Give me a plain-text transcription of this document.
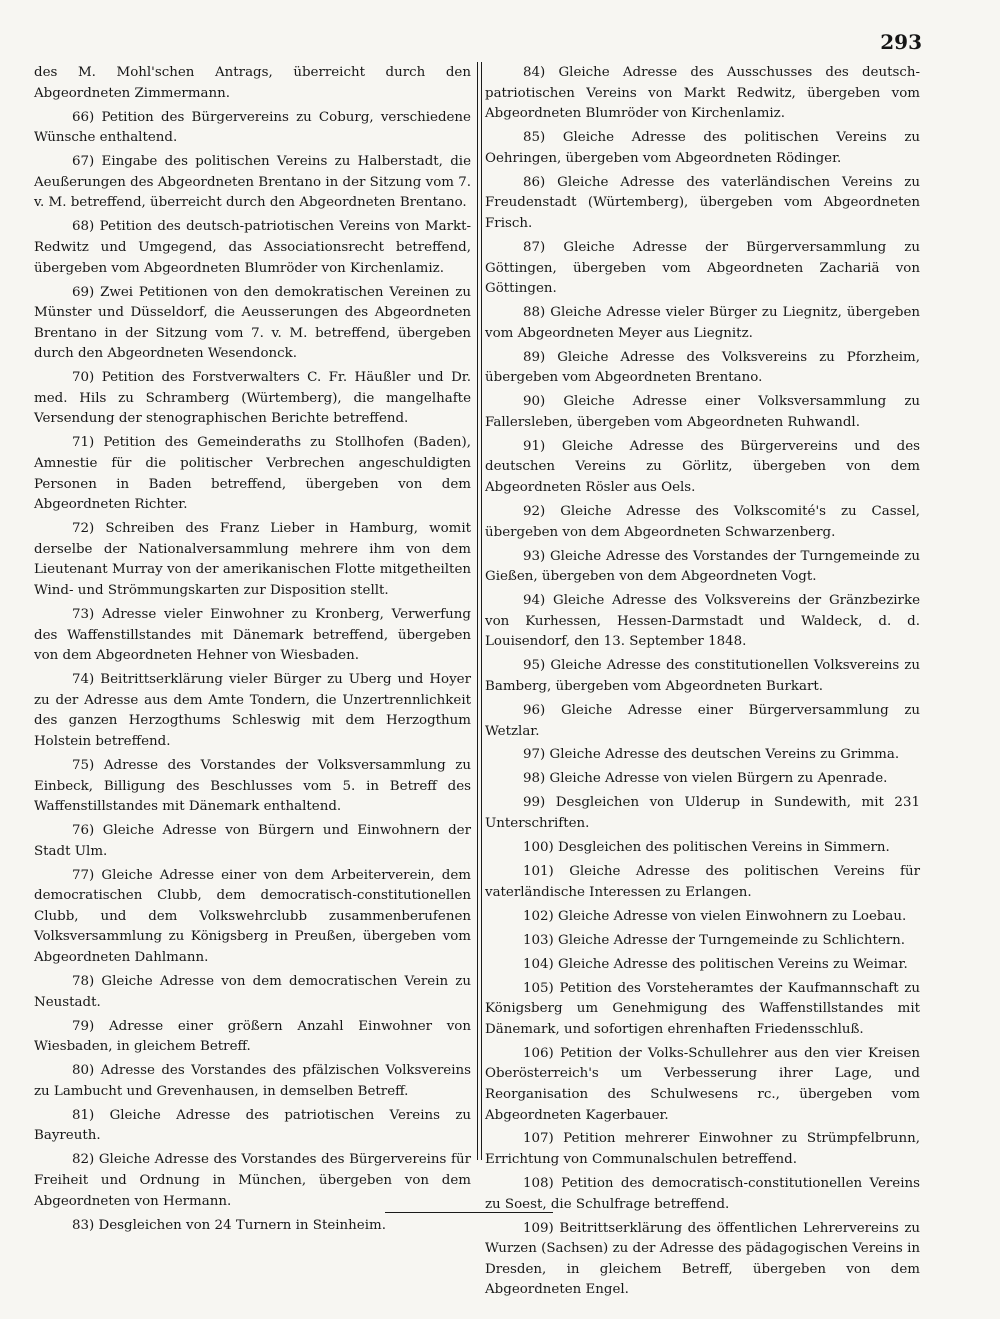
293

des M. Mohl'schen Antrags, überreicht durch den Abgeordneten Zimmermann.

66) Petition des Bürgervereins zu Coburg, verschiedene Wünsche enthaltend.

67) Eingabe des politischen Vereins zu Halberstadt, die Aeußerungen des Abgeordneten Brentano in der Sitzung vom 7. v. M. betreffend, überreicht durch den Abgeordneten Brentano.

68) Petition des deutsch-patriotischen Vereins von Markt-Redwitz und Umgegend, das Associationsrecht betreffend, übergeben vom Abgeordneten Blumröder von Kirchenlamiz.

69) Zwei Petitionen von den demokratischen Vereinen zu Münster und Düsseldorf, die Aeusserungen des Abgeordneten Brentano in der Sitzung vom 7. v. M. betreffend, übergeben durch den Abgeordneten Wesendonck.

70) Petition des Forstverwalters C. Fr. Häußler und Dr. med. Hils zu Schramberg (Würtemberg), die mangelhafte Versendung der stenographischen Berichte betreffend.

71) Petition des Gemeinderaths zu Stollhofen (Baden), Amnestie für die politischer Verbrechen angeschuldigten Personen in Baden betreffend, übergeben von dem Abgeordneten Richter.

72) Schreiben des Franz Lieber in Hamburg, womit derselbe der Nationalversammlung mehrere ihm von dem Lieutenant Murray von der amerikanischen Flotte mitgetheilten Wind- und Strömmungskarten zur Disposition stellt.

73) Adresse vieler Einwohner zu Kronberg, Verwerfung des Waffenstillstandes mit Dänemark betreffend, übergeben von dem Abgeordneten Hehner von Wiesbaden.

74) Beitrittserklärung vieler Bürger zu Uberg und Hoyer zu der Adresse aus dem Amte Tondern, die Unzertrennlichkeit des ganzen Herzogthums Schleswig mit dem Herzogthum Holstein betreffend.

75) Adresse des Vorstandes der Volksversammlung zu Einbeck, Billigung des Beschlusses vom 5. in Betreff des Waffenstillstandes mit Dänemark enthaltend.

76) Gleiche Adresse von Bürgern und Einwohnern der Stadt Ulm.

77) Gleiche Adresse einer von dem Arbeiterverein, dem democratischen Clubb, dem democratisch-constitutionellen Clubb, und dem Volkswehrclubb zusammenberufenen Volksversammlung zu Königsberg in Preußen, übergeben vom Abgeordneten Dahlmann.

78) Gleiche Adresse von dem democratischen Verein zu Neustadt.

79) Adresse einer größern Anzahl Einwohner von Wiesbaden, in gleichem Betreff.

80) Adresse des Vorstandes des pfälzischen Volksvereins zu Lambucht und Grevenhausen, in demselben Betreff.

81) Gleiche Adresse des patriotischen Vereins zu Bayreuth.

82) Gleiche Adresse des Vorstandes des Bürgervereins für Freiheit und Ordnung in München, übergeben von dem Abgeordneten von Hermann.

83) Desgleichen von 24 Turnern in Steinheim.

84) Gleiche Adresse des Ausschusses des deutsch-patriotischen Vereins von Markt Redwitz, übergeben vom Abgeordneten Blumröder von Kirchenlamiz.

85) Gleiche Adresse des politischen Vereins zu Oehringen, übergeben vom Abgeordneten Rödinger.

86) Gleiche Adresse des vaterländischen Vereins zu Freudenstadt (Würtemberg), übergeben vom Abgeordneten Frisch.

87) Gleiche Adresse der Bürgerversammlung zu Göttingen, übergeben vom Abgeordneten Zachariä von Göttingen.

88) Gleiche Adresse vieler Bürger zu Liegnitz, übergeben vom Abgeordneten Meyer aus Liegnitz.

89) Gleiche Adresse des Volksvereins zu Pforzheim, übergeben vom Abgeordneten Brentano.

90) Gleiche Adresse einer Volksversammlung zu Fallersleben, übergeben vom Abgeordneten Ruhwandl.

91) Gleiche Adresse des Bürgervereins und des deutschen Vereins zu Görlitz, übergeben von dem Abgeordneten Rösler aus Oels.

92) Gleiche Adresse des Volkscomité's zu Cassel, übergeben von dem Abgeordneten Schwarzenberg.

93) Gleiche Adresse des Vorstandes der Turngemeinde zu Gießen, übergeben von dem Abgeordneten Vogt.

94) Gleiche Adresse des Volksvereins der Gränzbezirke von Kurhessen, Hessen-Darmstadt und Waldeck, d. d. Louisendorf, den 13. September 1848.

95) Gleiche Adresse des constitutionellen Volksvereins zu Bamberg, übergeben vom Abgeordneten Burkart.

96) Gleiche Adresse einer Bürgerversammlung zu Wetzlar.

97) Gleiche Adresse des deutschen Vereins zu Grimma.

98) Gleiche Adresse von vielen Bürgern zu Apenrade.

99) Desgleichen von Ulderup in Sundewith, mit 231 Unterschriften.

100) Desgleichen des politischen Vereins in Simmern.

101) Gleiche Adresse des politischen Vereins für vaterländische Interessen zu Erlangen.

102) Gleiche Adresse von vielen Einwohnern zu Loebau.

103) Gleiche Adresse der Turngemeinde zu Schlichtern.

104) Gleiche Adresse des politischen Vereins zu Weimar.

105) Petition des Vorsteheramtes der Kaufmannschaft zu Königsberg um Genehmigung des Waffenstillstandes mit Dänemark, und sofortigen ehrenhaften Friedensschluß.

106) Petition der Volks-Schullehrer aus den vier Kreisen Oberösterreich's um Verbesserung ihrer Lage, und Reorganisation des Schulwesens rc., übergeben vom Abgeordneten Kagerbauer.

107) Petition mehrerer Einwohner zu Strümpfelbrunn, Errichtung von Communalschulen betreffend.

108) Petition des democratisch-constitutionellen Vereins zu Soest, die Schulfrage betreffend.

109) Beitrittserklärung des öffentlichen Lehrervereins zu Wurzen (Sachsen) zu der Adresse des pädagogischen Vereins in Dresden, in gleichem Betreff, übergeben von dem Abgeordneten Engel.
